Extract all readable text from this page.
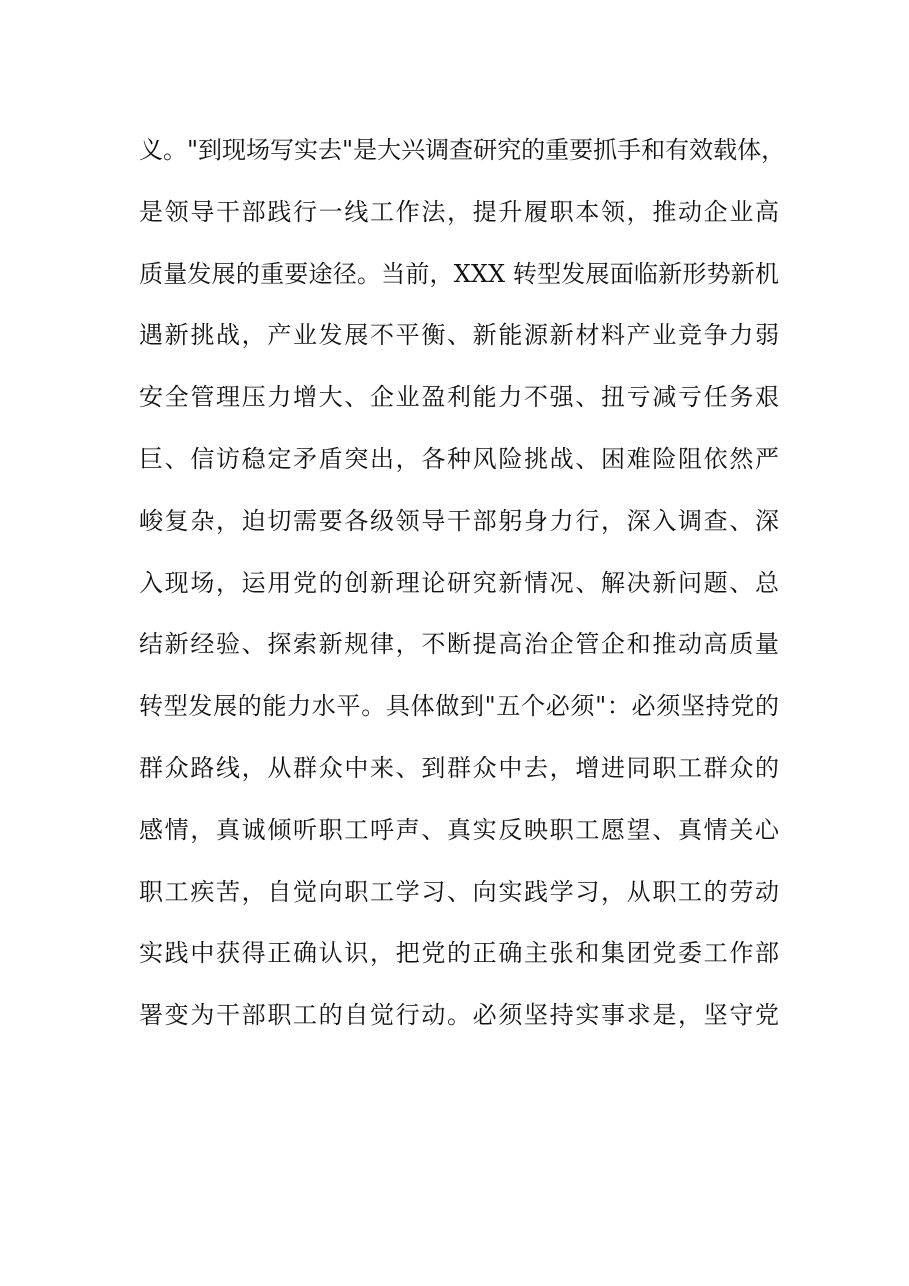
义。"到现场写实去"是大兴调查研究的重要抓手和有效载体，
是领导干部践行一线工作法，提升履职本领，推动企业高
质量发展的重要途径。当前，XXX 转型发展面临新形势新机
遇新挑战，产业发展不平衡、新能源新材料产业竞争力弱
安全管理压力增大、企业盈利能力不强、扭亏减亏任务艰
巨、信访稳定矛盾突出，各种风险挑战、困难险阻依然严
峻复杂，迫切需要各级领导干部躬身力行，深入调查、深
入现场，运用党的创新理论研究新情况、解决新问题、总
结新经验、探索新规律，不断提高治企管企和推动高质量
转型发展的能力水平。具体做到"五个必须"：必须坚持党的
群众路线，从群众中来、到群众中去，增进同职工群众的
感情，真诚倾听职工呼声、真实反映职工愿望、真情关心
职工疾苦，自觉向职工学习、向实践学习，从职工的劳动
实践中获得正确认识，把党的正确主张和集团党委工作部
署变为干部职工的自觉行动。必须坚持实事求是，坚守党
